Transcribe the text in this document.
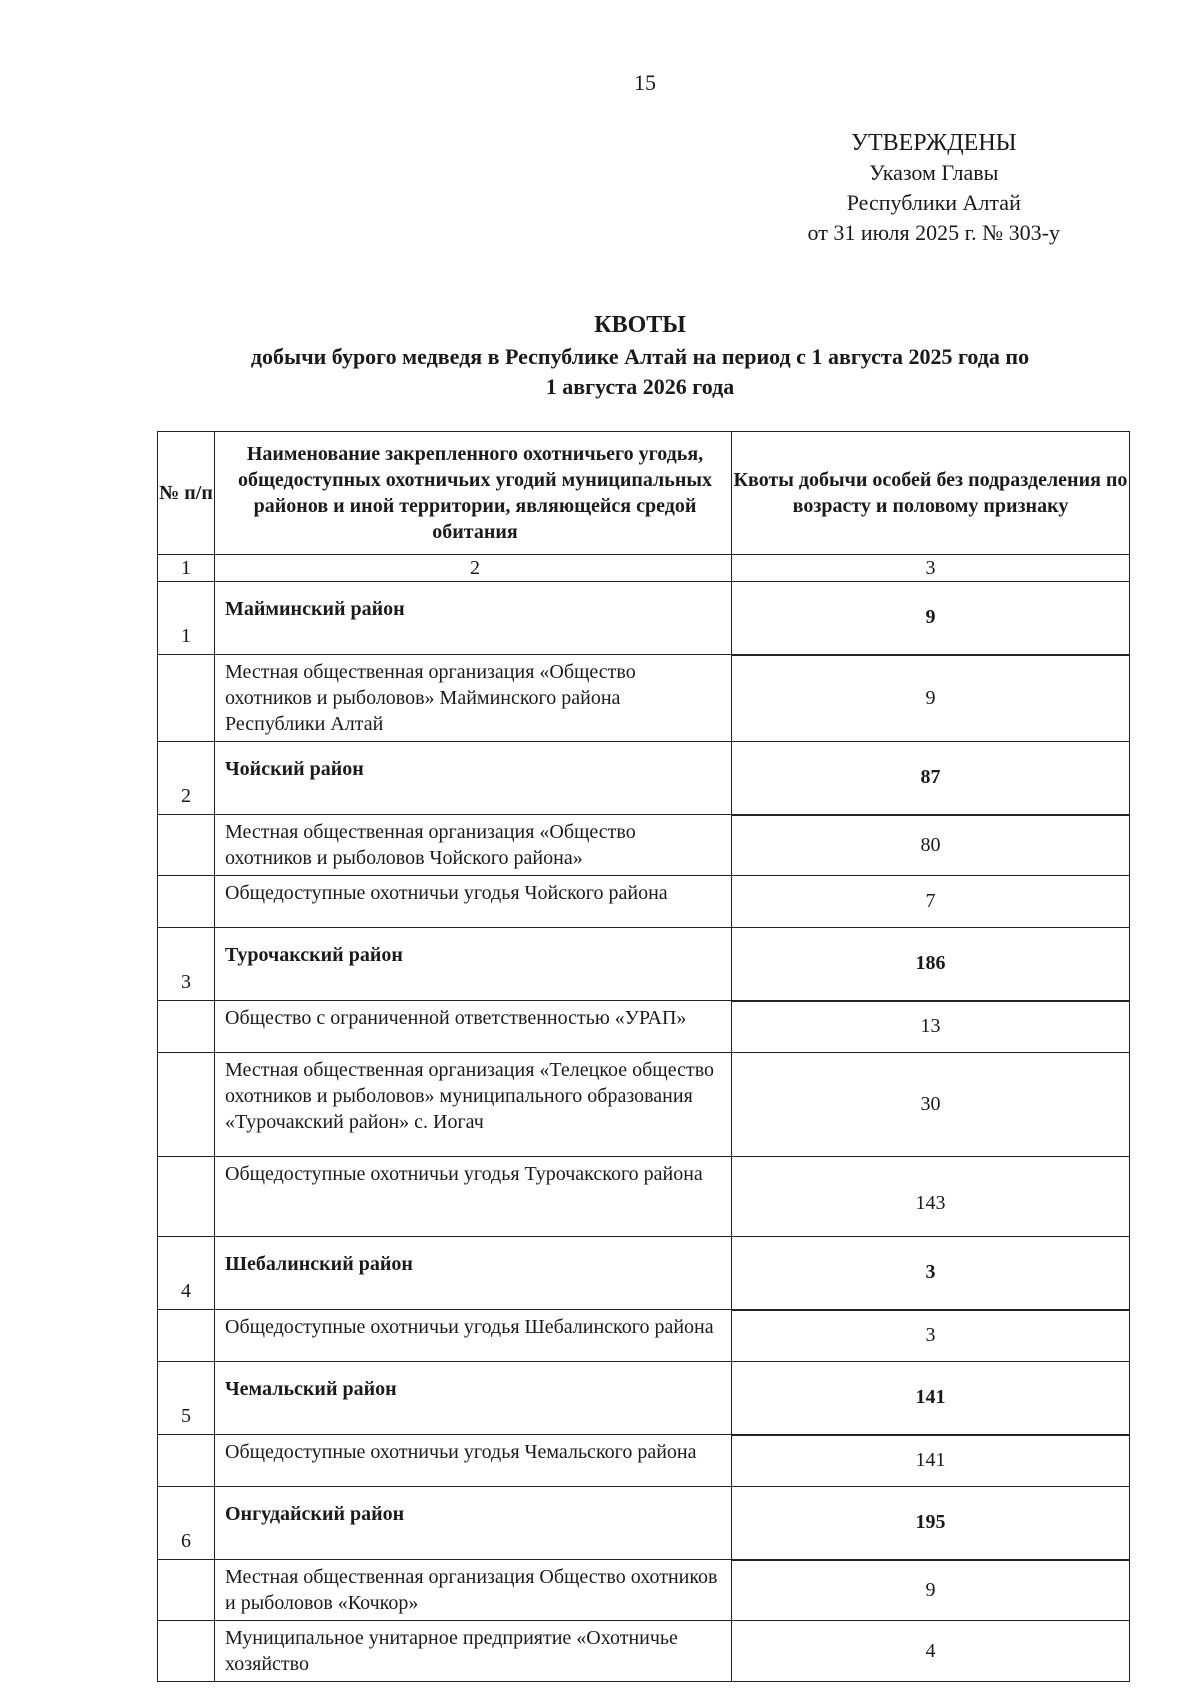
15
УТВЕРЖДЕНЫ
Указом Главы
Республики Алтай
от 31 июля 2025 г. № 303-у
КВОТЫ
добычи бурого медведя в Республике Алтай на период с 1 августа 2025 года по
1 августа 2026 года
№ п/п	Наименование закрепленного охотничьего угодья, общедоступных охотничьих угодий муниципальных районов и иной территории, являющейся средой обитания	Квоты добычи особей без подразделения по возрасту и половому признаку
1	2	3
1	Майминский район	9
	Местная общественная организация «Общество охотников и рыболовов» Майминского района Республики Алтай	9
2	Чойский район	87
	Местная общественная организация «Общество охотников и рыболовов Чойского района»	80
	Общедоступные охотничьи угодья Чойского района	7
3	Турочакский район	186
	Общество с ограниченной ответственностью «УРАП»	13
	Местная общественная организация «Телецкое общество охотников и рыболовов» муниципального образования «Турочакский район» с. Иогач	30
	Общедоступные охотничьи угодья Турочакского района	143
4	Шебалинский район	3
	Общедоступные охотничьи угодья Шебалинского района	3
5	Чемальский район	141
	Общедоступные охотничьи угодья Чемальского района	141
6	Онгудайский район	195
	Местная общественная организация Общество охотников и рыболовов «Кочкор»	9
	Муниципальное унитарное предприятие «Охотничье хозяйство	4
